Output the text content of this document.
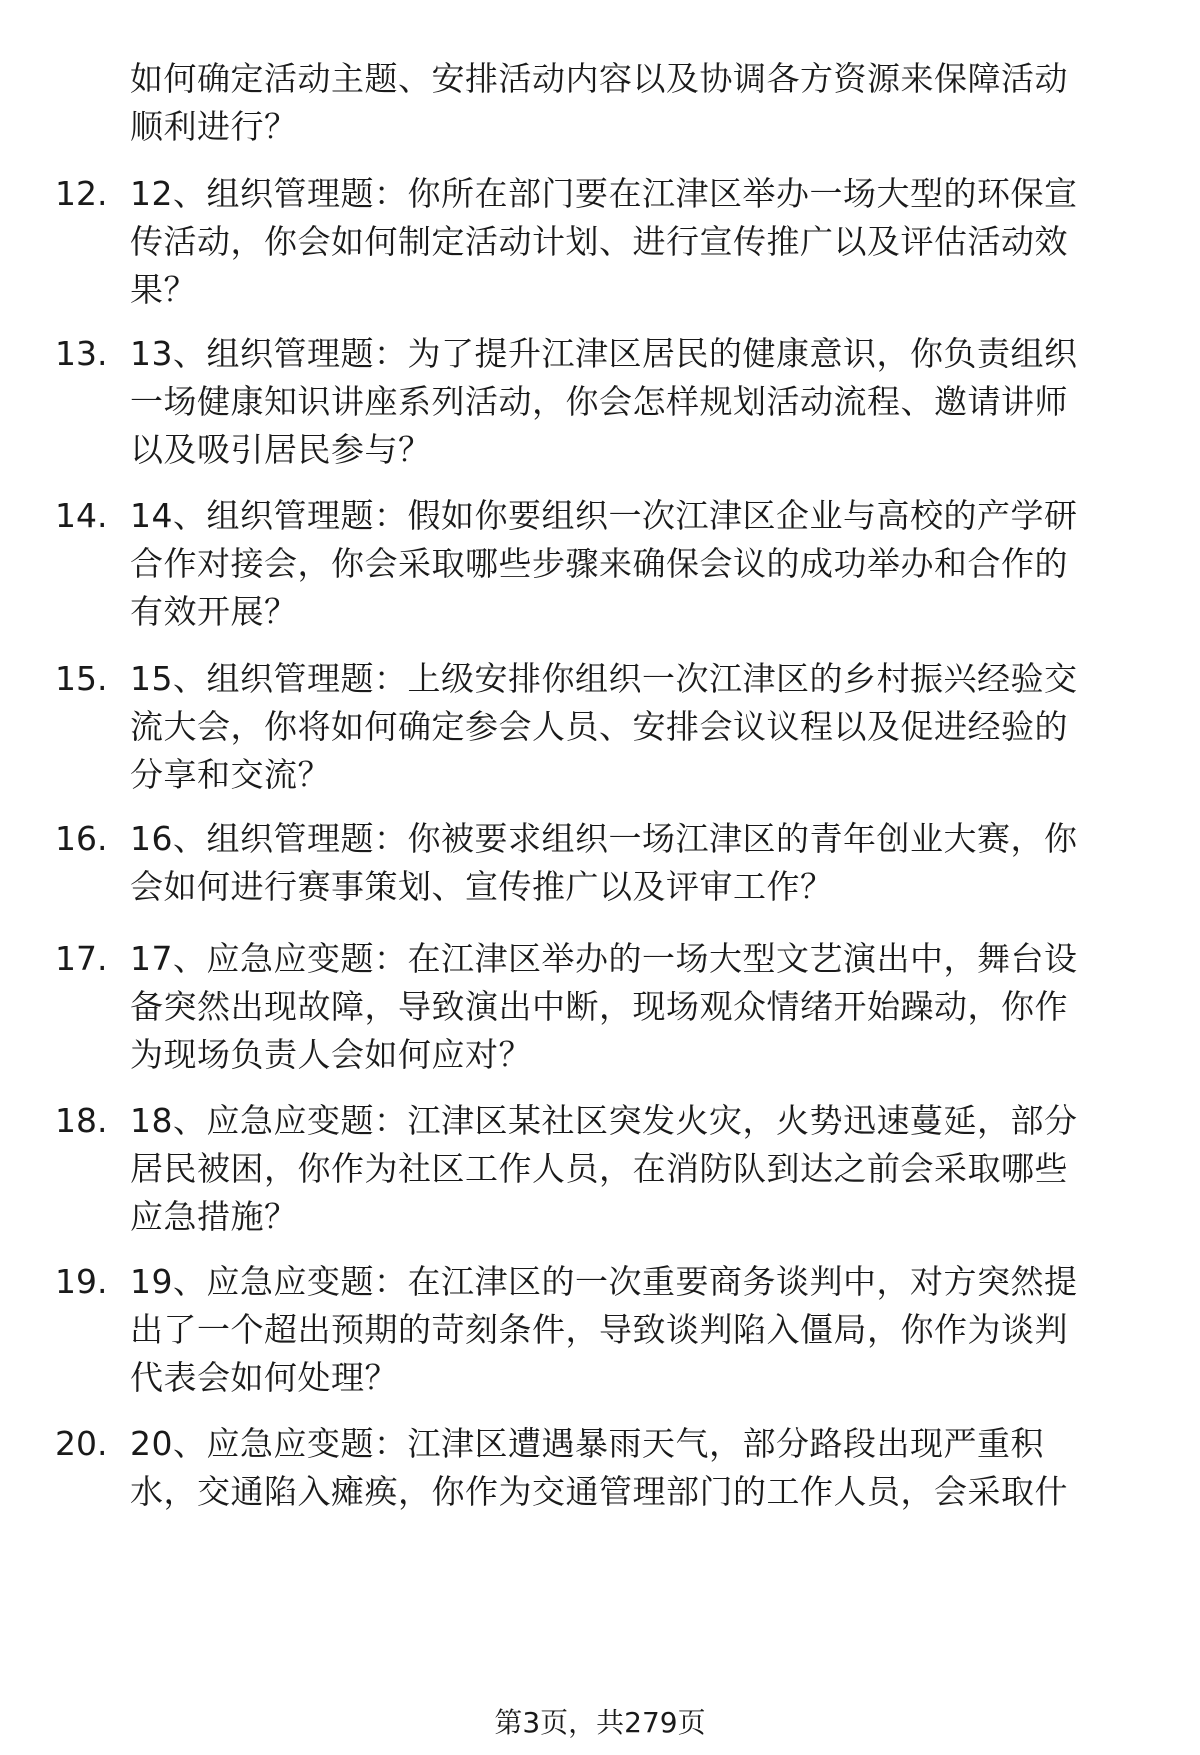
如何确定活动主题、安排活动内容以及协调各方资源来保障活动
顺利进行？
12. 12、组织管理题：你所在部门要在江津区举办一场大型的环保宣
传活动，你会如何制定活动计划、进行宣传推广以及评估活动效
果？
13. 13、组织管理题：为了提升江津区居民的健康意识，你负责组织
一场健康知识讲座系列活动，你会怎样规划活动流程、邀请讲师
以及吸引居民参与？
14. 14、组织管理题：假如你要组织一次江津区企业与高校的产学研
合作对接会，你会采取哪些步骤来确保会议的成功举办和合作的
有效开展？
15. 15、组织管理题：上级安排你组织一次江津区的乡村振兴经验交
流大会，你将如何确定参会人员、安排会议议程以及促进经验的
分享和交流？
16. 16、组织管理题：你被要求组织一场江津区的青年创业大赛，你
会如何进行赛事策划、宣传推广以及评审工作？
17. 17、应急应变题：在江津区举办的一场大型文艺演出中，舞台设
备突然出现故障，导致演出中断，现场观众情绪开始躁动，你作
为现场负责人会如何应对？
18. 18、应急应变题：江津区某社区突发火灾，火势迅速蔓延，部分
居民被困，你作为社区工作人员，在消防队到达之前会采取哪些
应急措施？
19. 19、应急应变题：在江津区的一次重要商务谈判中，对方突然提
出了一个超出预期的苛刻条件，导致谈判陷入僵局，你作为谈判
代表会如何处理？
20. 20、应急应变题：江津区遭遇暴雨天气，部分路段出现严重积
水，交通陷入瘫痪，你作为交通管理部门的工作人员，会采取什
第3页，共279页
